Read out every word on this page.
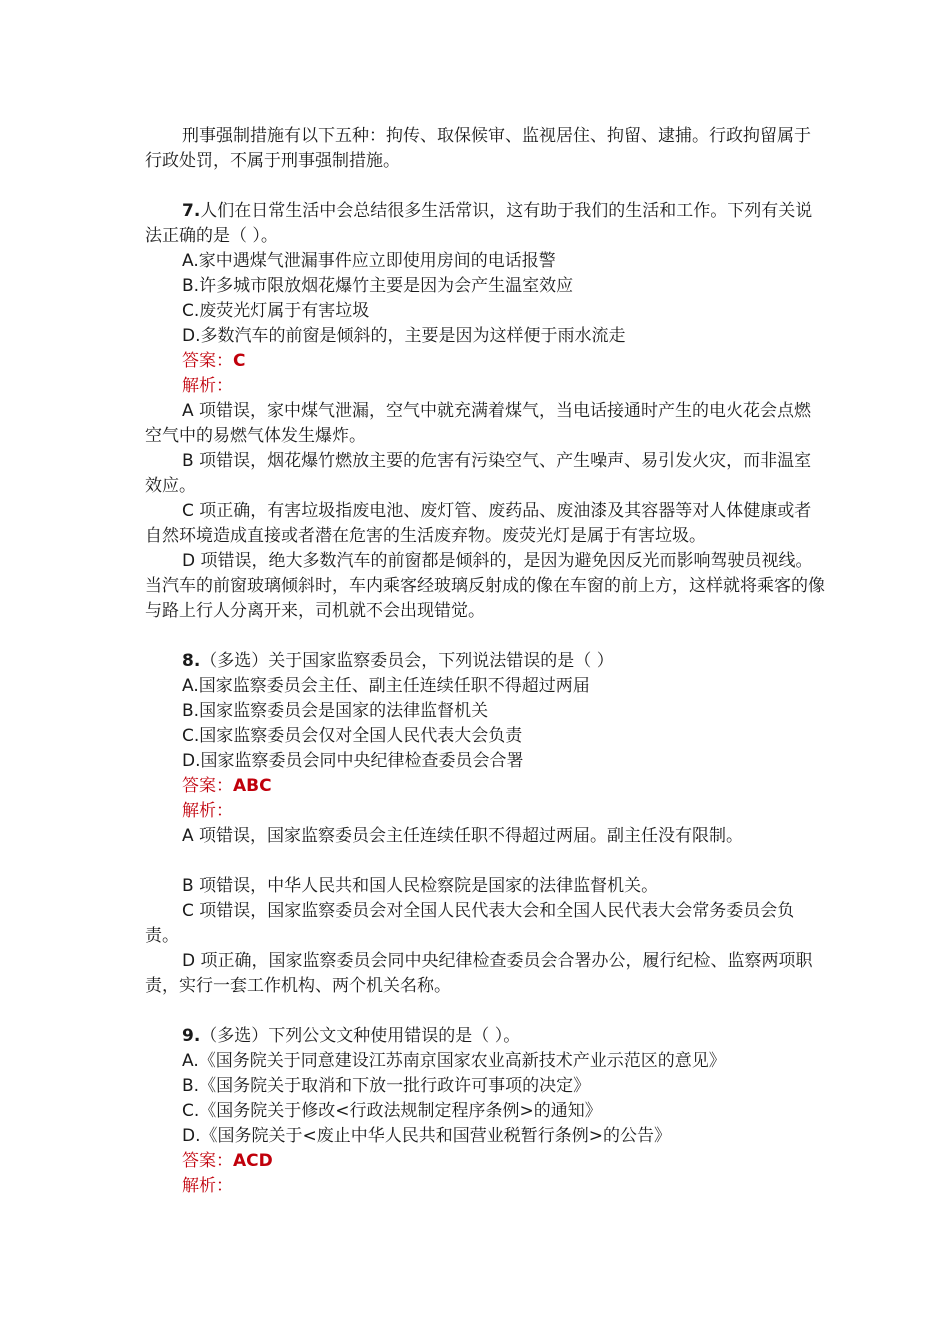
刑事强制措施有以下五种：拘传、取保候审、监视居住、拘留、逮捕。行政拘留属于行政处罚，不属于刑事强制措施。

7.人们在日常生活中会总结很多生活常识，这有助于我们的生活和工作。下列有关说法正确的是（ ）。

A.家中遇煤气泄漏事件应立即使用房间的电话报警

B.许多城市限放烟花爆竹主要是因为会产生温室效应

C.废荧光灯属于有害垃圾

D.多数汽车的前窗是倾斜的，主要是因为这样便于雨水流走

答案：C

解析：

A 项错误，家中煤气泄漏，空气中就充满着煤气，当电话接通时产生的电火花会点燃空气中的易燃气体发生爆炸。

B 项错误，烟花爆竹燃放主要的危害有污染空气、产生噪声、易引发火灾，而非温室效应。

C 项正确，有害垃圾指废电池、废灯管、废药品、废油漆及其容器等对人体健康或者自然环境造成直接或者潜在危害的生活废弃物。废荧光灯是属于有害垃圾。

D 项错误，绝大多数汽车的前窗都是倾斜的，是因为避免因反光而影响驾驶员视线。当汽车的前窗玻璃倾斜时，车内乘客经玻璃反射成的像在车窗的前上方，这样就将乘客的像与路上行人分离开来，司机就不会出现错觉。

8.（多选）关于国家监察委员会，下列说法错误的是（ ）

A.国家监察委员会主任、副主任连续任职不得超过两届

B.国家监察委员会是国家的法律监督机关

C.国家监察委员会仅对全国人民代表大会负责

D.国家监察委员会同中央纪律检查委员会合署

答案：ABC

解析：

A 项错误，国家监察委员会主任连续任职不得超过两届。副主任没有限制。

B 项错误，中华人民共和国人民检察院是国家的法律监督机关。

C 项错误，国家监察委员会对全国人民代表大会和全国人民代表大会常务委员会负责。

D 项正确，国家监察委员会同中央纪律检查委员会合署办公，履行纪检、监察两项职责，实行一套工作机构、两个机关名称。

9.（多选）下列公文文种使用错误的是（ ）。

A.《国务院关于同意建设江苏南京国家农业高新技术产业示范区的意见》

B.《国务院关于取消和下放一批行政许可事项的决定》

C.《国务院关于修改<行政法规制定程序条例>的通知》

D.《国务院关于<废止中华人民共和国营业税暂行条例>的公告》

答案：ACD

解析：
